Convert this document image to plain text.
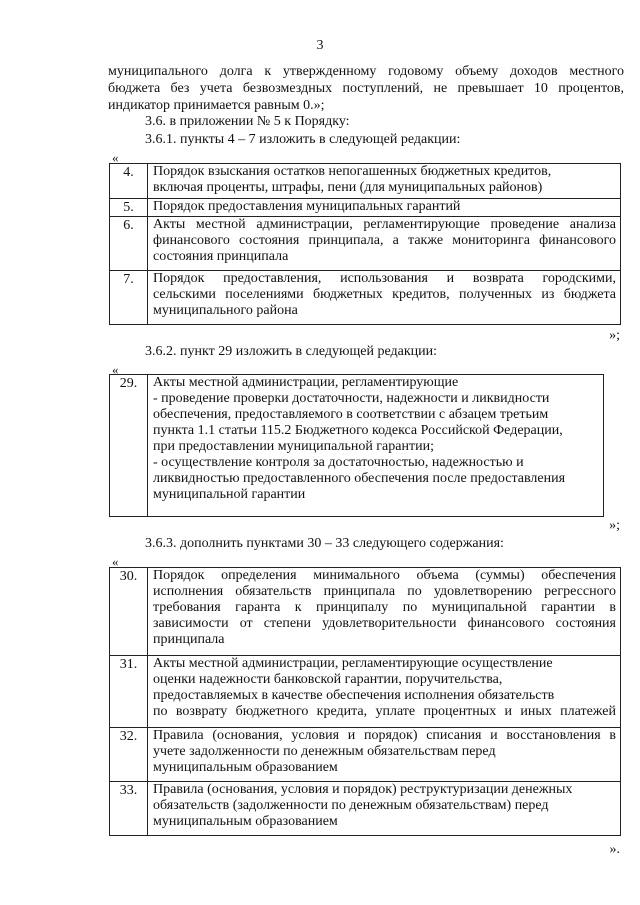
3
муниципального долга к утвержденному годовому объему доходов местного
бюджета без учета безвозмездных поступлений, не превышает 10 процентов,
индикатор принимается равным 0.»;
3.6. в приложении № 5 к Порядку:
3.6.1. пункты 4 – 7 изложить в следующей редакции:
«
4.	Порядок взыскания остатков непогашенных бюджетных кредитов,
включая проценты, штрафы, пени (для муниципальных районов)

5.	Порядок предоставления муниципальных гарантий

6.	Акты местной администрации, регламентирующие проведение анализа
финансового состояния принципала, а также мониторинга финансового
состояния принципала

7.	Порядок предоставления, использования и возврата городскими,
сельскими поселениями бюджетных кредитов, полученных из бюджета
муниципального района
»;
3.6.2. пункт 29 изложить в следующей редакции:
«
29.	Акты местной администрации, регламентирующие
- проведение проверки достаточности, надежности и ликвидности
обеспечения, предоставляемого в соответствии с абзацем третьим
пункта 1.1 статьи 115.2 Бюджетного кодекса Российской Федерации,
при предоставлении муниципальной гарантии;
- осуществление контроля за достаточностью, надежностью и
ликвидностью предоставленного обеспечения после предоставления
муниципальной гарантии
»;
3.6.3. дополнить пунктами 30 – 33 следующего содержания:
«
30.	Порядок определения минимального объема (суммы) обеспечения
исполнения обязательств принципала по удовлетворению регрессного
требования гаранта к принципалу по муниципальной гарантии в
зависимости от степени удовлетворительности финансового состояния
принципала

31.	Акты местной администрации, регламентирующие осуществление
оценки надежности банковской гарантии, поручительства,
предоставляемых в качестве обеспечения исполнения обязательств
по возврату бюджетного кредита, уплате процентных и иных платежей

32.	Правила (основания, условия и порядок) списания и восстановления в
учете задолженности по денежным обязательствам перед
муниципальным образованием

33.	Правила (основания, условия и порядок) реструктуризации денежных
обязательств (задолженности по денежным обязательствам) перед
муниципальным образованием
».
